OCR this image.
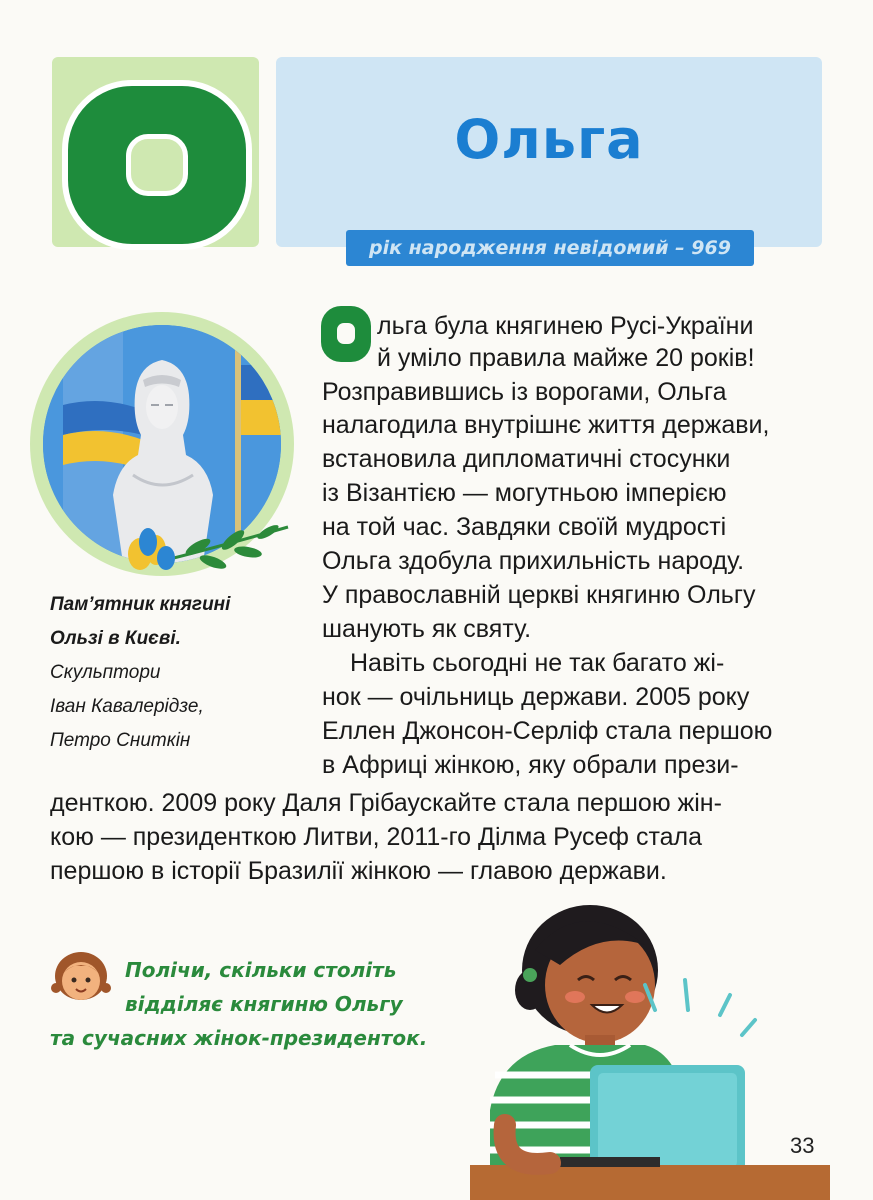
Ольга
рік народження невідомий – 969
Пам’ятник княгині
Ользі в Києві.
Скульптори
Іван Кавалерідзе,
Петро Сниткін
льга була княгинею Русі-України
й уміло правила майже 20 років!
Розправившись із ворогами, Ольга
налагодила внутрішнє життя держави,
встановила дипломатичні стосунки
із Візантією — могутньою імперією
на той час. Завдяки своїй мудрості
Ольга здобула прихильність народу.
У православній церкві княгиню Ольгу
шанують як святу.
Навіть сьогодні не так багато жі-
нок — очільниць держави. 2005 року
Еллен Джонсон-Серліф стала першою
в Африці жінкою, яку обрали прези-
денткою. 2009 року Даля Грібаускайте стала першою жін-
кою — президенткою Литви, 2011-го Ділма Русеф стала
першою в історії Бразилії жінкою — главою держави.
Полічи, скільки століть
відділяє княгиню Ольгу
та сучасних жінок-президенток.
33
